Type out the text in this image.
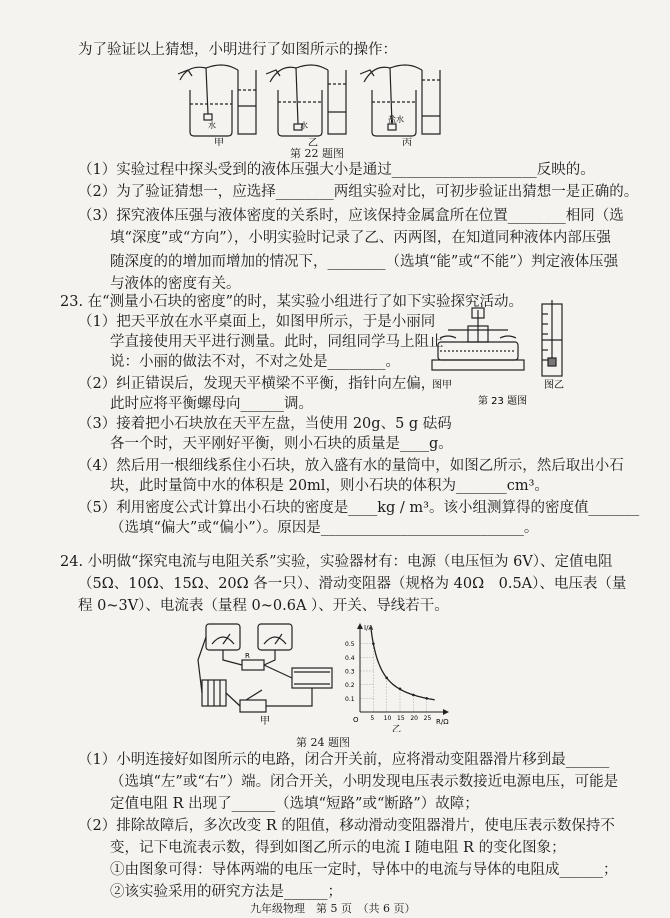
为了验证以上猜想，小明进行了如图所示的操作：
水	水
盐水
甲	乙	丙
第 22 题图
（1）实验过程中探头受到的液体压强大小是通过____________________反映的。
（2）为了验证猜想一，应选择________两组实验对比，可初步验证出猜想一是正确的。
（3）探究液体压强与液体密度的关系时，应该保持金属盒所在位置________相同（选
填“深度”或“方向”），小明实验时记录了乙、丙两图，在知道同种液体内部压强
随深度的的增加而增加的情况下，________（选填“能”或“不能”）判定液体压强
与液体的密度有关。
23. 在“测量小石块的密度”的时，某实验小组进行了如下实验探究活动。
（1）把天平放在水平桌面上，如图甲所示，于是小丽同
学直接使用天平进行测量。此时，同组同学马上阻止
说：小丽的做法不对，不对之处是________。
（2）纠正错误后，发现天平横梁不平衡，指针向左偏，
此时应将平衡螺母向______调。
（3）接着把小石块放在天平左盘，当使用 20g、5 g 砝码
各一个时，天平刚好平衡，则小石块的质量是____g。
（4）然后用一根细线系住小石块，放入盛有水的量筒中，如图乙所示，然后取出小石
块，此时量筒中水的体积是 20ml，则小石块的体积为_______cm³。
（5）利用密度公式计算出小石块的密度是____kg / m³。该小组测算得的密度值_______
（选填“偏大”或“偏小”）。原因是____________________________。
图甲	图乙
第 23 题图
24. 小明做“探究电流与电阻关系”实验，实验器材有：电源（电压恒为 6V）、定值电阻
（5Ω、10Ω、15Ω、20Ω 各一只）、滑动变阻器（规格为 40Ω　0.5A）、电压表（量
程 0~3V）、电流表（量程 0~0.6A ）、开关、导线若干。
R
甲
I/A
R/Ω
O
0.5
0.4
0.3
0.2
0.1
5 10 15 20 25
乙
第 24 题图
（1）小明连接好如图所示的电路，闭合开关前，应将滑动变阻器滑片移到最______
（选填“左”或“右”）端。闭合开关，小明发现电压表示数接近电源电压，可能是
定值电阻 R 出现了______（选填“短路”或“断路”）故障；
（2）排除故障后，多次改变 R 的阻值，移动滑动变阻器滑片，使电压表示数保持不
变，记下电流表示数，得到如图乙所示的电流 I 随电阻 R 的变化图象；
①由图象可得：导体两端的电压一定时，导体中的电流与导体的电阻成______；
②该实验采用的研究方法是______；
九年级物理　第 5 页　（共 6 页）
